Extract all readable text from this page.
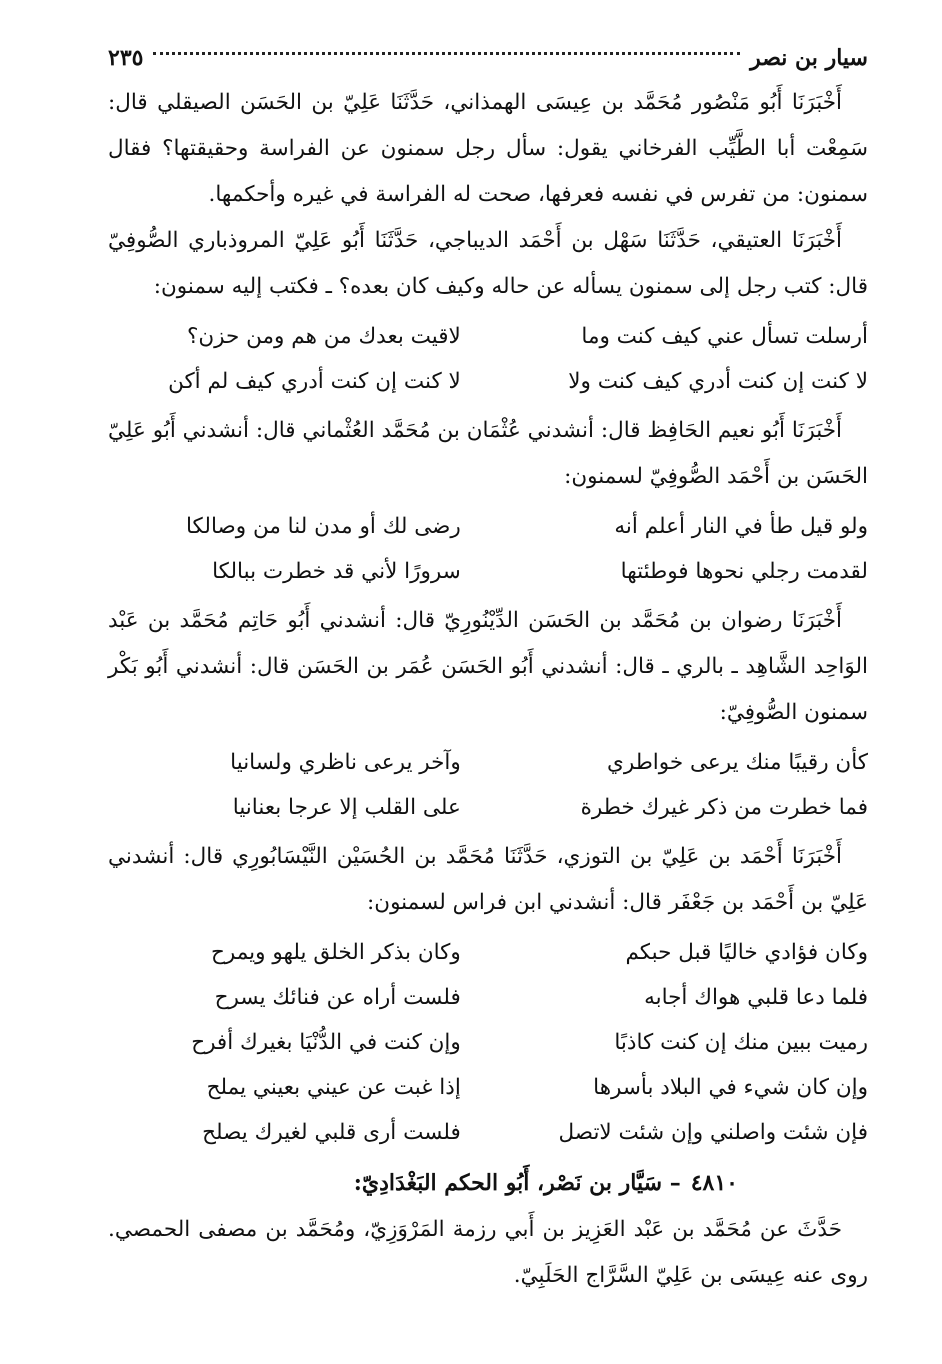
سيار بن نصر
٢٣٥

أَخْبَرَنَا أَبُو مَنْصُور مُحَمَّد بن عِيسَى الهمذاني، حَدَّثَنَا عَلِيّ بن الحَسَن الصيقلي قال: سَمِعْت أبا الطَّيِّب الفرخاني يقول: سأل رجل سمنون عن الفراسة وحقيقتها؟ فقال سمنون: من تفرس في نفسه فعرفها، صحت له الفراسة في غيره وأحكمها.

أَخْبَرَنَا العتيقي، حَدَّثَنَا سَهْل بن أَحْمَد الديباجي، حَدَّثَنَا أَبُو عَلِيّ المروذباري الصُّوفِيّ قال: كتب رجل إلى سمنون يسأله عن حاله وكيف كان بعده؟ ـ فكتب إليه سمنون:

أرسلت تسأل عني كيف كنت وما
لاقيت بعدك من هم ومن حزن؟
لا كنت إن كنت أدري كيف كنت ولا
لا كنت إن كنت أدري كيف لم أكن

أَخْبَرَنَا أَبُو نعيم الحَافِظ قال: أنشدني عُثْمَان بن مُحَمَّد العُثْماني قال: أنشدني أَبُو عَلِيّ الحَسَن بن أَحْمَد الصُّوفِيّ لسمنون:

ولو قيل طأ في النار أعلم أنه
رضى لك أو مدن لنا من وصالكا
لقدمت رجلي نحوها فوطئتها
سرورًا لأني قد خطرت ببالكا

أَخْبَرَنَا رضوان بن مُحَمَّد بن الحَسَن الدِّيْنُورِيّ قال: أنشدني أَبُو حَاتِم مُحَمَّد بن عَبْد الوَاحِد الشَّاهِد ـ بالري ـ قال: أنشدني أَبُو الحَسَن عُمَر بن الحَسَن قال: أنشدني أَبُو بَكْر سمنون الصُّوفِيّ:

كأن رقيبًا منك يرعى خواطري
وآخر يرعى ناظري ولسانيا
فما خطرت من ذكر غيرك خطرة
على القلب إلا عرجا بعنانيا

أَخْبَرَنَا أَحْمَد بن عَلِيّ بن التوزي، حَدَّثَنَا مُحَمَّد بن الحُسَيْن النَّيْسَابُورِي قال: أنشدني عَلِيّ بن أَحْمَد بن جَعْفَر قال: أنشدني ابن فراس لسمنون:

وكان فؤادي خاليًا قبل حبكم
وكان بذكر الخلق يلهو ويمرح
فلما دعا قلبي هواك أجابه
فلست أراه عن فنائك يسرح
رميت ببين منك إن كنت كاذبًا
وإن كنت في الدُّنْيَا بغيرك أفرح
وإن كان شيء في البلاد بأسرها
إذا غبت عن عيني بعيني يملح
فإن شئت واصلني وإن شئت لاتصل
فلست أرى قلبي لغيرك يصلح

٤٨١٠– سَيَّار بن نَصْر، أَبُو الحكم البَغْدَادِيّ:

حَدَّثَ عن مُحَمَّد بن عَبْد العَزِيز بن أَبي رزمة المَرْوَزِيّ، ومُحَمَّد بن مصفى الحمصي. روى عنه عِيسَى بن عَلِيّ السَّرَّاج الحَلَبِيّ.
